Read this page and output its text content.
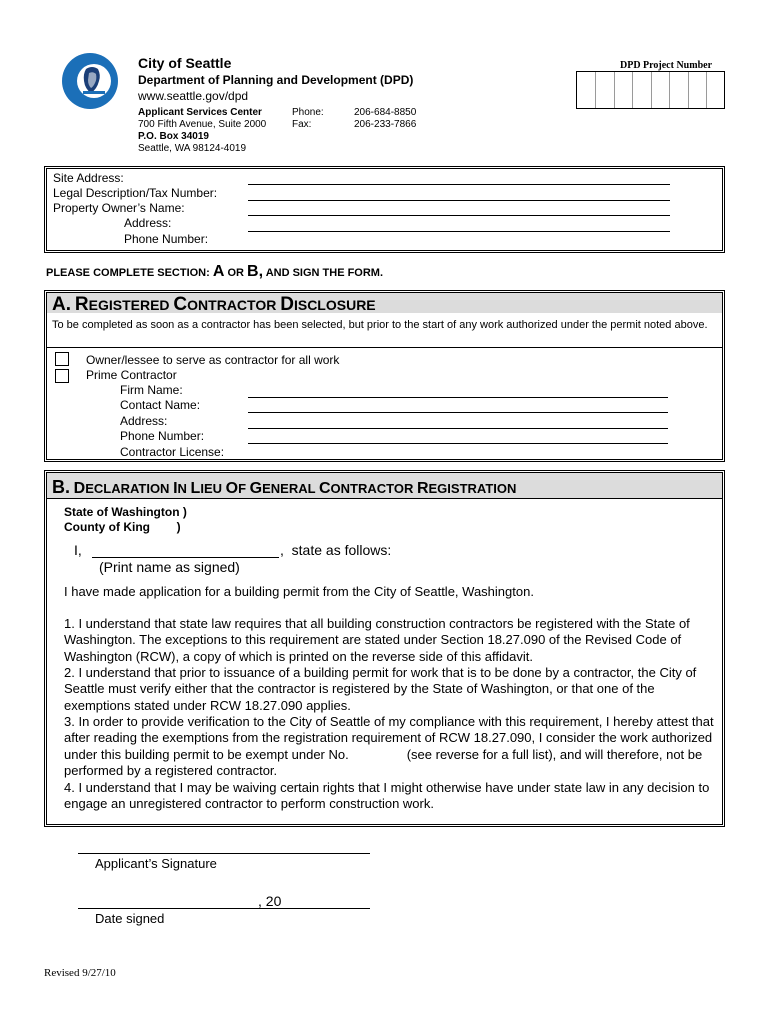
City of Seattle
Department of Planning and Development (DPD)
www.seattle.gov/dpd
Applicant Services Center
700 Fifth Avenue, Suite 2000
P.O. Box 34019
Seattle, WA 98124-4019
Phone:	206-684-8850
Fax:	206-233-7866
DPD Project Number
Site Address:
Legal Description/Tax Number:
Property Owner’s Name:
Address:
Phone Number:
PLEASE COMPLETE SECTION: A OR B, AND SIGN THE FORM.
A. REGISTERED CONTRACTOR DISCLOSURE
To be completed as soon as a contractor has been selected, but prior to the start of any work authorized under the permit noted above.
Owner/lessee to serve as contractor for all work
Prime Contractor
Firm Name:
Contact Name:
Address:
Phone Number:
Contractor License:
B. DECLARATION IN LIEU OF GENERAL CONTRACTOR REGISTRATION
State of Washington )
County of King        )
I,	,  state as follows:
(Print name as signed)
I have made application for a building permit from the City of Seattle, Washington.
1. I understand that state law requires that all building construction contractors be registered with the State of Washington. The exceptions to this requirement are stated under Section 18.27.090 of the Revised Code of Washington (RCW), a copy of which is printed on the reverse side of this affidavit.
2. I understand that prior to issuance of a building permit for work that is to be done by a contractor, the City of Seattle must verify either that the contractor is registered by the State of Washington, or that one of the exemptions stated under RCW 18.27.090 applies.
3. In order to provide verification to the City of Seattle of my compliance with this requirement, I hereby attest that after reading the exemptions from the registration requirement of RCW 18.27.090, I consider the work authorized under this building permit to be exempt under No.	(see reverse for a full list), and will therefore, not be performed by a registered contractor.
4. I understand that I may be waiving certain rights that I might otherwise have under state law in any decision to engage an unregistered contractor to perform construction work.
Applicant’s Signature
, 20
Date signed
Revised 9/27/10
